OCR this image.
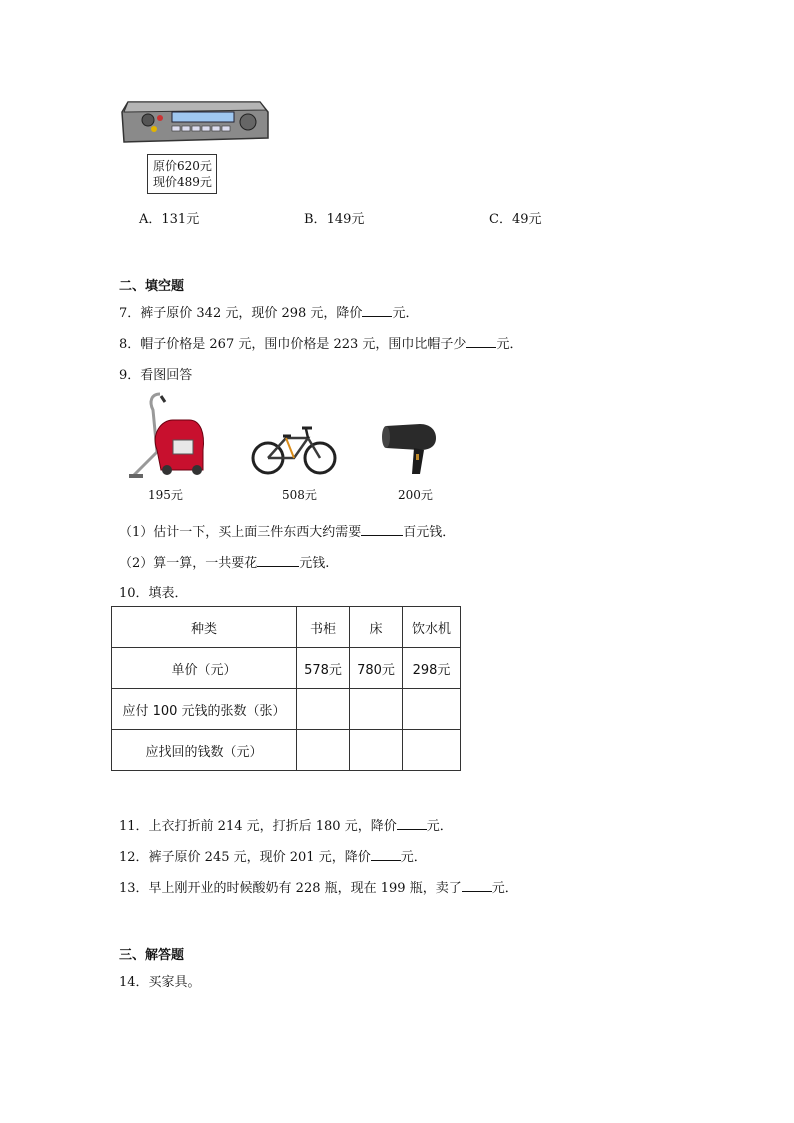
原价620元
现价489元
A．131元	B．149元	C．49元
二、填空题
7．裤子原价 342 元，现价 298 元，降价 元．
8．帽子价格是 267 元，围巾价格是 223 元，围巾比帽子少 元．
9．看图回答
195元	508元	200元
（1）估计一下，买上面三件东西大约需要	百元钱．
（2）算一算，一共要花	元钱.
10．填表．
种类	书柜	床	饮水机
单价（元）	578元	780元	298元
应付 100 元钱的张数（张）			
应找回的钱数（元）			
11．上衣打折前 214 元，打折后 180 元，降价 元．
12．裤子原价 245 元，现价 201 元，降价 元．
13．早上刚开业的时候酸奶有 228 瓶，现在 199 瓶，卖了 元．
三、解答题
14．买家具。
